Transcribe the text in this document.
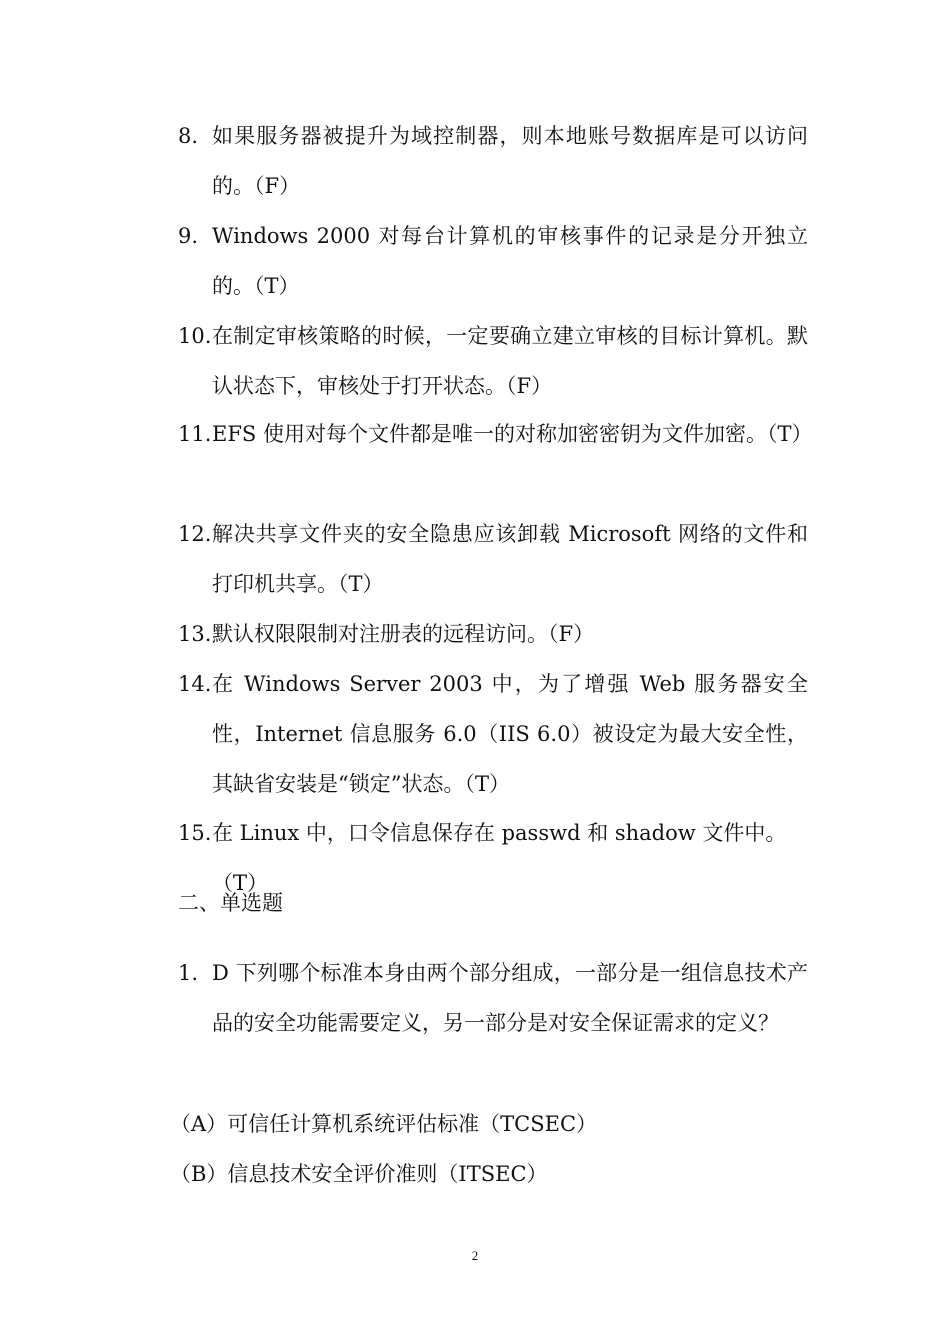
8. 如果服务器被提升为域控制器，则本地账号数据库是可以访问的。（F）
9. Windows 2000 对每台计算机的审核事件的记录是分开独立的。（T）
10. 在制定审核策略的时候，一定要确立建立审核的目标计算机。默认状态下，审核处于打开状态。（F）
11. EFS 使用对每个文件都是唯一的对称加密密钥为文件加密。（T）
12. 解决共享文件夹的安全隐患应该卸载 Microsoft 网络的文件和打印机共享。（T）
13. 默认权限限制对注册表的远程访问。（F）
14. 在 Windows Server 2003 中，为了增强 Web 服务器安全性，Internet 信息服务 6.0（IIS 6.0）被设定为最大安全性，其缺省安装是“锁定”状态。（T）
15. 在 Linux 中，口令信息保存在 passwd 和 shadow 文件中。（T）
二、单选题
1. D 下列哪个标准本身由两个部分组成，一部分是一组信息技术产品的安全功能需要定义，另一部分是对安全保证需求的定义？
（A）可信任计算机系统评估标准（TCSEC）
（B）信息技术安全评价准则（ITSEC）
2
